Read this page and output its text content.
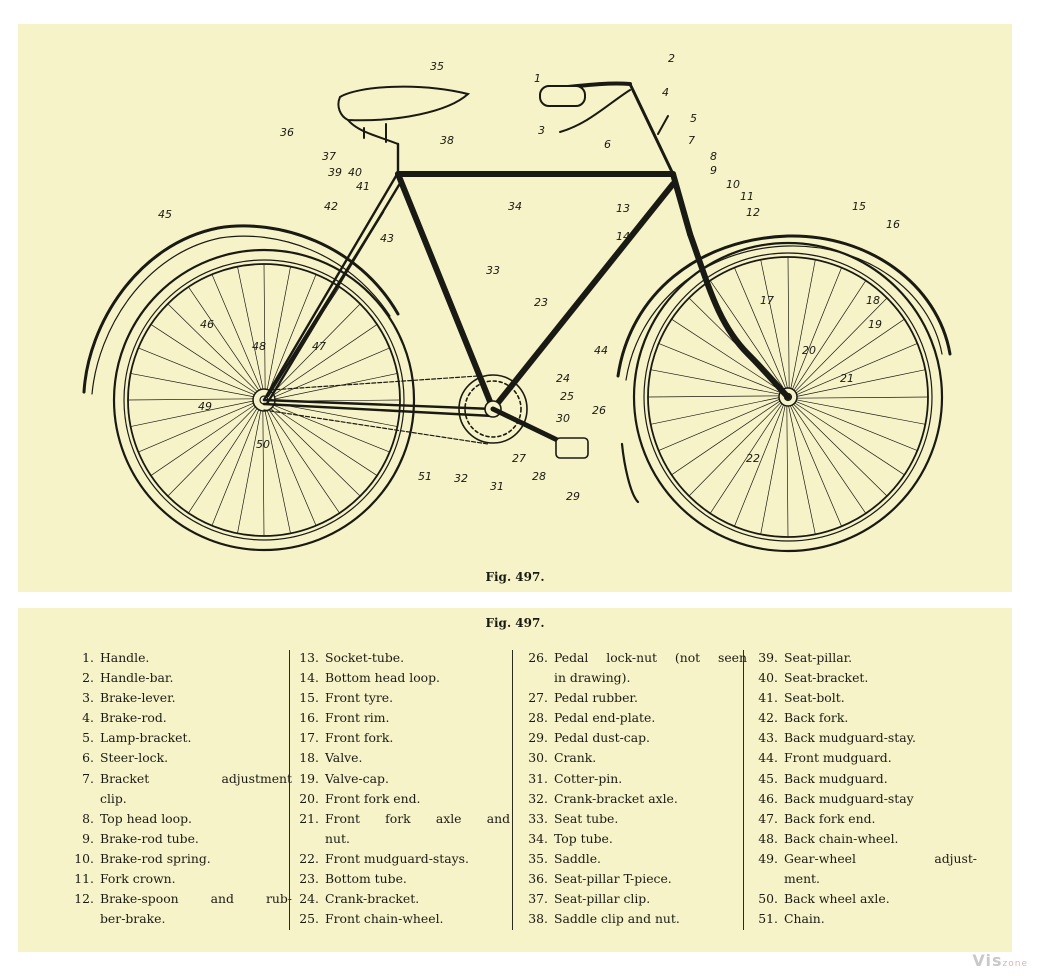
1
2
3
4
5
6	7
8
9
10
11
12
13
14
15
16
17	18
19
20
21
22
23
24
25
26
27
28
29
30
31
32
33
34
35
36
37
38
39 40
41
42
43
44
45
46
47
48
49
50
51
Fig. 497.
Fig. 497.
1. Handle.
2. Handle-bar.
3. Brake-lever.
4. Brake-rod.
5. Lamp-bracket.
6. Steer-lock.
7. Bracket adjustment
clip.
8. Top head loop.
9. Brake-rod tube.
10. Brake-rod spring.
11. Fork crown.
12. Brake-spoon and rub-
ber-brake.
13. Socket-tube.
14. Bottom head loop.
15. Front tyre.
16. Front rim.
17. Front fork.
18. Valve.
19. Valve-cap.
20. Front fork end.
21. Front fork axle and
nut.
22. Front mudguard-stays.
23. Bottom tube.
24. Crank-bracket.
25. Front chain-wheel.
26. Pedal lock-nut (not seen
in drawing).
27. Pedal rubber.
28. Pedal end-plate.
29. Pedal dust-cap.
30. Crank.
31. Cotter-pin.
32. Crank-bracket axle.
33. Seat tube.
34. Top tube.
35. Saddle.
36. Seat-pillar T-piece.
37. Seat-pillar clip.
38. Saddle clip and nut.
39. Seat-pillar.
40. Seat-bracket.
41. Seat-bolt.
42. Back fork.
43. Back mudguard-stay.
44. Front mudguard.
45. Back mudguard.
46. Back mudguard-stay
47. Back fork end.
48. Back chain-wheel.
49. Gear-wheel adjust-
ment.
50. Back wheel axle.
51. Chain.
Viszone
